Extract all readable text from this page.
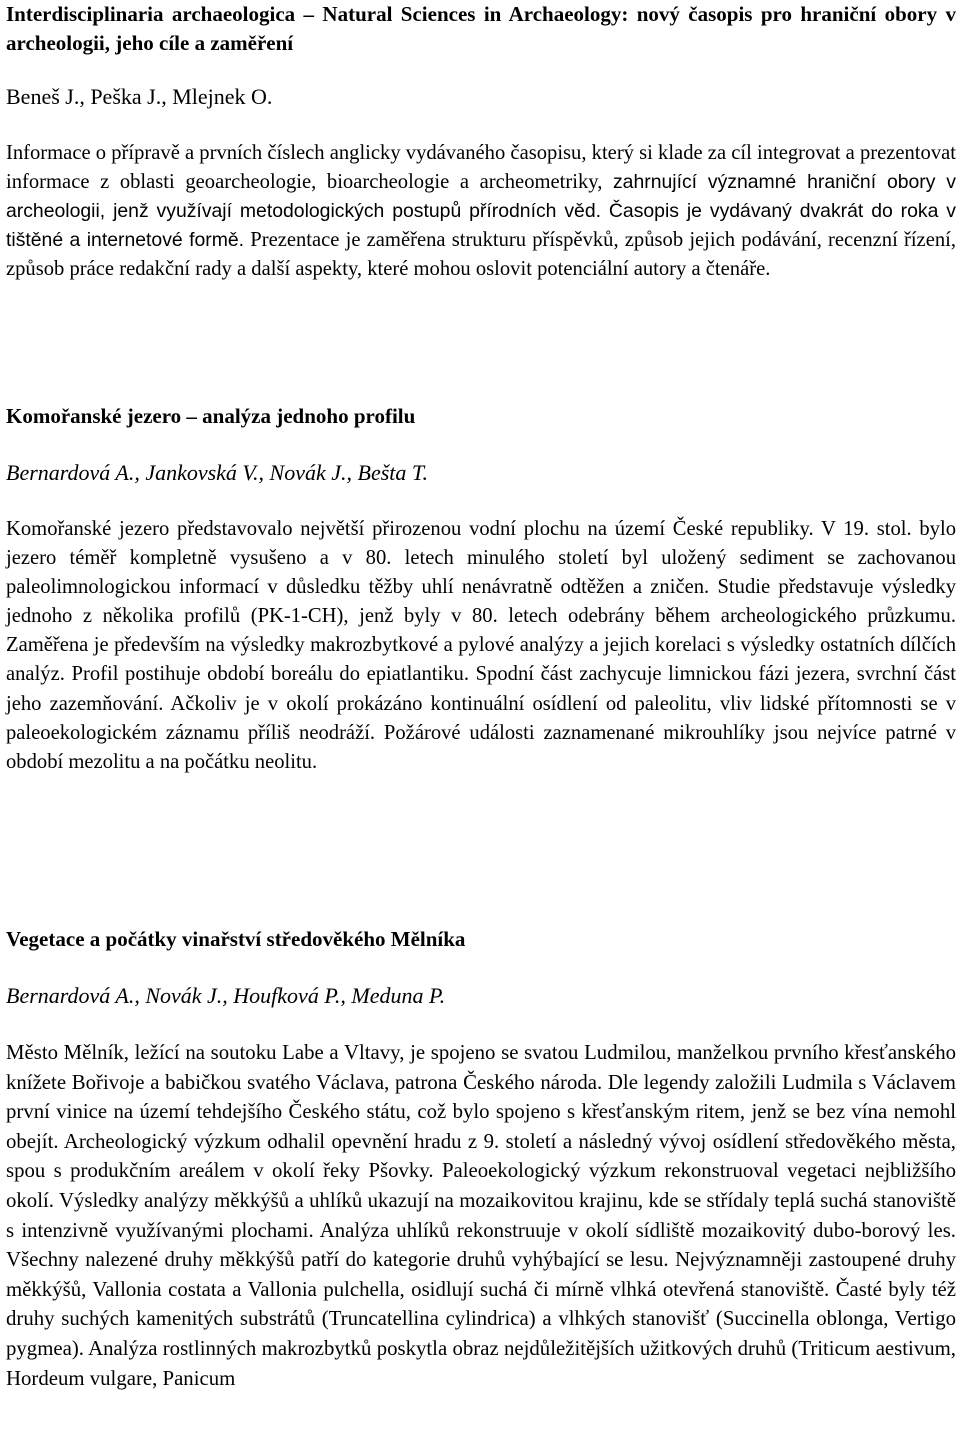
Interdisciplinaria archaeologica – Natural Sciences in Archaeology: nový časopis pro hraniční obory v archeologii, jeho cíle a zaměření

Beneš J., Peška J., Mlejnek O.

Informace o přípravě a prvních číslech anglicky vydávaného časopisu, který si klade za cíl integrovat a prezentovat informace z oblasti geoarcheologie, bioarcheologie a archeometriky, zahrnující významné hraniční obory v archeologii, jenž využívají metodologických postupů přírodních věd. Časopis je vydávaný dvakrát do roka v tištěné a internetové formě. Prezentace je zaměřena strukturu příspěvků, způsob jejich podávání, recenzní řízení, způsob práce redakční rady a další aspekty, které mohou oslovit potenciální autory a čtenáře.

Komořanské jezero – analýza jednoho profilu

Bernardová A., Jankovská V., Novák J., Bešta T.

Komořanské jezero představovalo největší přirozenou vodní plochu na území České republiky. V 19. stol. bylo jezero téměř kompletně vysušeno a v 80. letech minulého století byl uložený sediment se zachovanou paleolimnologickou informací v důsledku těžby uhlí nenávratně odtěžen a zničen. Studie představuje výsledky jednoho z několika profilů (PK-1-CH), jenž byly v 80. letech odebrány během archeologického průzkumu. Zaměřena je především na výsledky makrozbytkové a pylové analýzy a jejich korelaci s výsledky ostatních dílčích analýz. Profil postihuje období boreálu do epiatlantiku. Spodní část zachycuje limnickou fázi jezera, svrchní část jeho zazemňování. Ačkoliv je v okolí prokázáno kontinuální osídlení od paleolitu, vliv lidské přítomnosti se v paleoekologickém záznamu příliš neodráží. Požárové události zaznamenané mikrouhlíky jsou nejvíce patrné v období mezolitu a na počátku neolitu.

Vegetace a počátky vinařství středověkého Mělníka

Bernardová A., Novák J., Houfková P., Meduna P.

Město Mělník, ležící na soutoku Labe a Vltavy, je spojeno se svatou Ludmilou, manželkou prvního křesťanského knížete Bořivoje a babičkou svatého Václava, patrona Českého národa. Dle legendy založili Ludmila s Václavem první vinice na území tehdejšího Českého státu, což bylo spojeno s křesťanským ritem, jenž se bez vína nemohl obejít. Archeologický výzkum odhalil opevnění hradu z 9. století a následný vývoj osídlení středověkého města, spou s produkčním areálem v okolí řeky Pšovky. Paleoekologický výzkum rekonstruoval vegetaci nejbližšího okolí. Výsledky analýzy měkkýšů a uhlíků ukazují na mozaikovitou krajinu, kde se střídaly teplá suchá stanoviště s intenzivně využívanými plochami. Analýza uhlíků rekonstruuje v okolí sídliště mozaikovitý dubo-borový les. Všechny nalezené druhy měkkýšů patří do kategorie druhů vyhýbající se lesu. Nejvýznamněji zastoupené druhy měkkýšů, Vallonia costata a Vallonia pulchella, osidlují suchá či mírně vlhká otevřená stanoviště. Časté byly též druhy suchých kamenitých substrátů (Truncatellina cylindrica) a vlhkých stanovišť (Succinella oblonga, Vertigo pygmea). Analýza rostlinných makrozbytků poskytla obraz nejdůležitějších užitkových druhů (Triticum aestivum, Hordeum vulgare, Panicum
